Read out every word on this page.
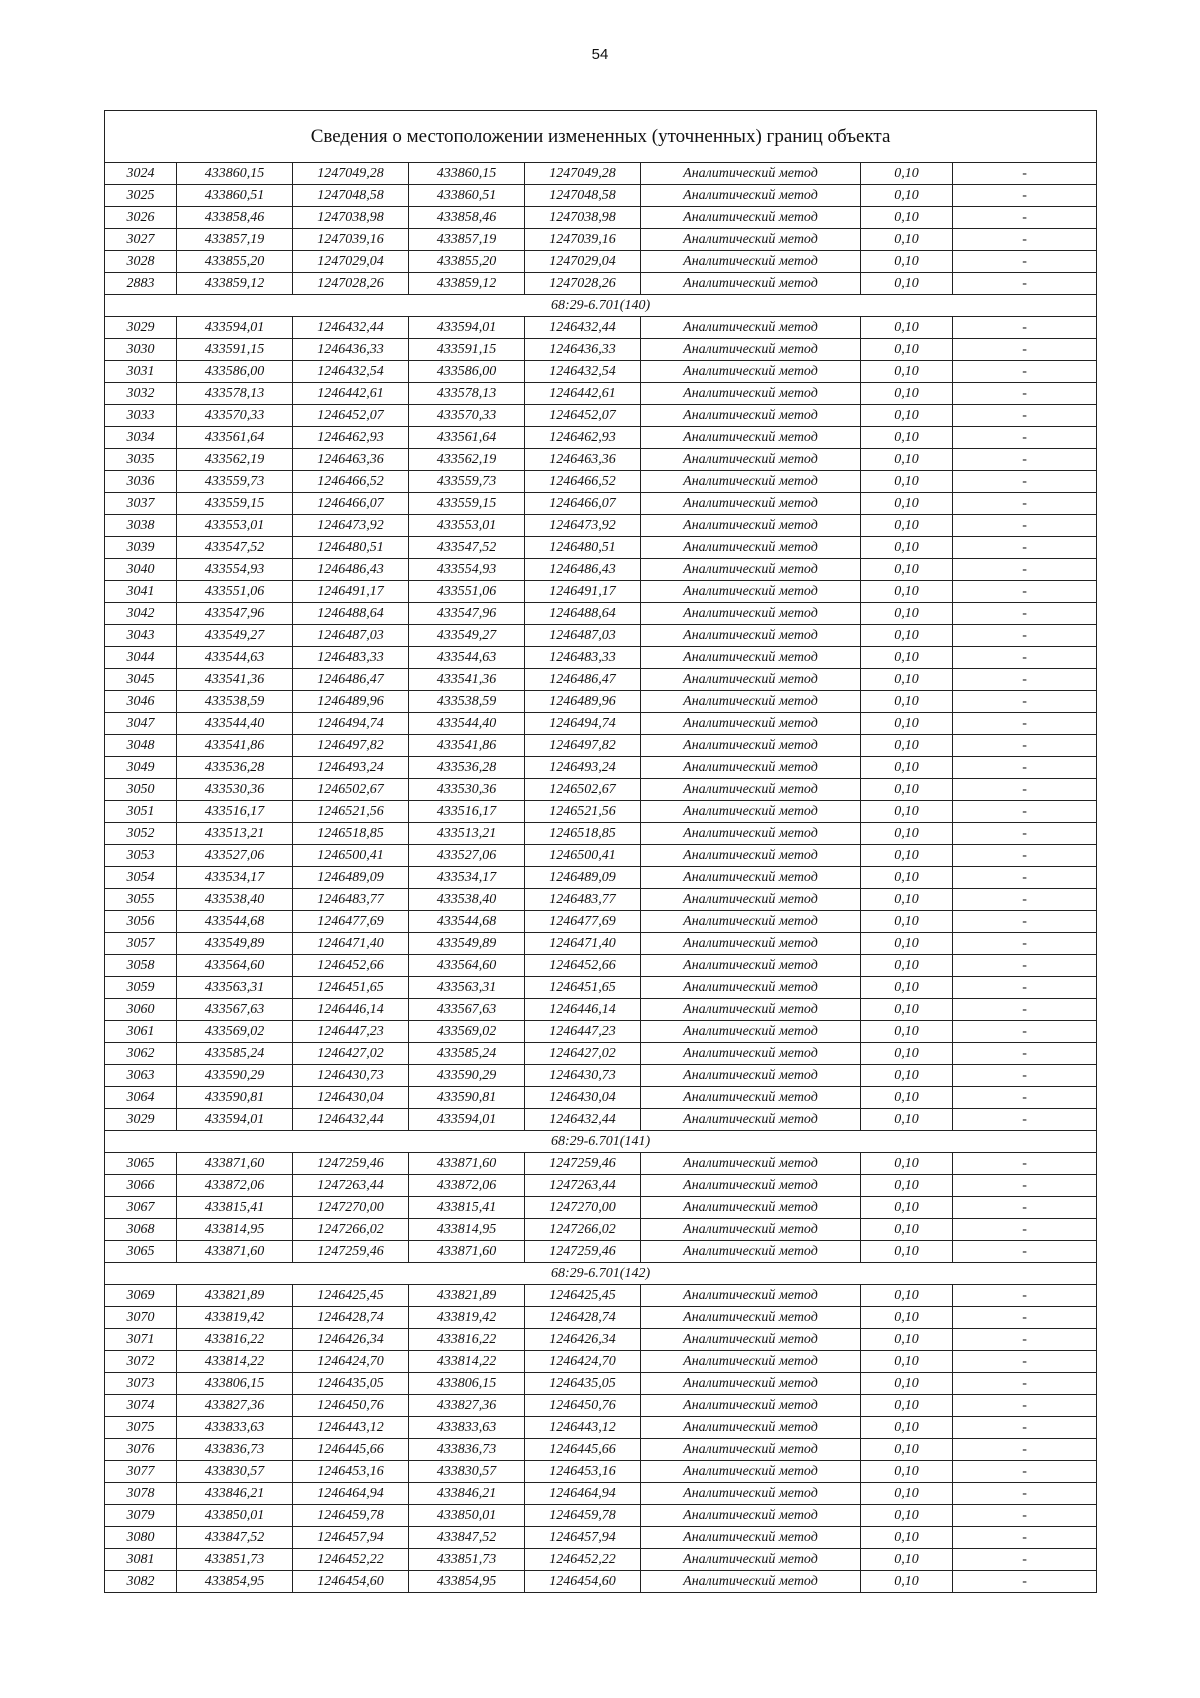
54
Сведения о местоположении измененных (уточненных) границ объекта							
3024	433860,15	1247049,28	433860,15	1247049,28	Аналитический метод	0,10	-
3025	433860,51	1247048,58	433860,51	1247048,58	Аналитический метод	0,10	-
3026	433858,46	1247038,98	433858,46	1247038,98	Аналитический метод	0,10	-
3027	433857,19	1247039,16	433857,19	1247039,16	Аналитический метод	0,10	-
3028	433855,20	1247029,04	433855,20	1247029,04	Аналитический метод	0,10	-
2883	433859,12	1247028,26	433859,12	1247028,26	Аналитический метод	0,10	-
68:29-6.701(140)							
3029	433594,01	1246432,44	433594,01	1246432,44	Аналитический метод	0,10	-
3030	433591,15	1246436,33	433591,15	1246436,33	Аналитический метод	0,10	-
3031	433586,00	1246432,54	433586,00	1246432,54	Аналитический метод	0,10	-
3032	433578,13	1246442,61	433578,13	1246442,61	Аналитический метод	0,10	-
3033	433570,33	1246452,07	433570,33	1246452,07	Аналитический метод	0,10	-
3034	433561,64	1246462,93	433561,64	1246462,93	Аналитический метод	0,10	-
3035	433562,19	1246463,36	433562,19	1246463,36	Аналитический метод	0,10	-
3036	433559,73	1246466,52	433559,73	1246466,52	Аналитический метод	0,10	-
3037	433559,15	1246466,07	433559,15	1246466,07	Аналитический метод	0,10	-
3038	433553,01	1246473,92	433553,01	1246473,92	Аналитический метод	0,10	-
3039	433547,52	1246480,51	433547,52	1246480,51	Аналитический метод	0,10	-
3040	433554,93	1246486,43	433554,93	1246486,43	Аналитический метод	0,10	-
3041	433551,06	1246491,17	433551,06	1246491,17	Аналитический метод	0,10	-
3042	433547,96	1246488,64	433547,96	1246488,64	Аналитический метод	0,10	-
3043	433549,27	1246487,03	433549,27	1246487,03	Аналитический метод	0,10	-
3044	433544,63	1246483,33	433544,63	1246483,33	Аналитический метод	0,10	-
3045	433541,36	1246486,47	433541,36	1246486,47	Аналитический метод	0,10	-
3046	433538,59	1246489,96	433538,59	1246489,96	Аналитический метод	0,10	-
3047	433544,40	1246494,74	433544,40	1246494,74	Аналитический метод	0,10	-
3048	433541,86	1246497,82	433541,86	1246497,82	Аналитический метод	0,10	-
3049	433536,28	1246493,24	433536,28	1246493,24	Аналитический метод	0,10	-
3050	433530,36	1246502,67	433530,36	1246502,67	Аналитический метод	0,10	-
3051	433516,17	1246521,56	433516,17	1246521,56	Аналитический метод	0,10	-
3052	433513,21	1246518,85	433513,21	1246518,85	Аналитический метод	0,10	-
3053	433527,06	1246500,41	433527,06	1246500,41	Аналитический метод	0,10	-
3054	433534,17	1246489,09	433534,17	1246489,09	Аналитический метод	0,10	-
3055	433538,40	1246483,77	433538,40	1246483,77	Аналитический метод	0,10	-
3056	433544,68	1246477,69	433544,68	1246477,69	Аналитический метод	0,10	-
3057	433549,89	1246471,40	433549,89	1246471,40	Аналитический метод	0,10	-
3058	433564,60	1246452,66	433564,60	1246452,66	Аналитический метод	0,10	-
3059	433563,31	1246451,65	433563,31	1246451,65	Аналитический метод	0,10	-
3060	433567,63	1246446,14	433567,63	1246446,14	Аналитический метод	0,10	-
3061	433569,02	1246447,23	433569,02	1246447,23	Аналитический метод	0,10	-
3062	433585,24	1246427,02	433585,24	1246427,02	Аналитический метод	0,10	-
3063	433590,29	1246430,73	433590,29	1246430,73	Аналитический метод	0,10	-
3064	433590,81	1246430,04	433590,81	1246430,04	Аналитический метод	0,10	-
3029	433594,01	1246432,44	433594,01	1246432,44	Аналитический метод	0,10	-
68:29-6.701(141)							
3065	433871,60	1247259,46	433871,60	1247259,46	Аналитический метод	0,10	-
3066	433872,06	1247263,44	433872,06	1247263,44	Аналитический метод	0,10	-
3067	433815,41	1247270,00	433815,41	1247270,00	Аналитический метод	0,10	-
3068	433814,95	1247266,02	433814,95	1247266,02	Аналитический метод	0,10	-
3065	433871,60	1247259,46	433871,60	1247259,46	Аналитический метод	0,10	-
68:29-6.701(142)							
3069	433821,89	1246425,45	433821,89	1246425,45	Аналитический метод	0,10	-
3070	433819,42	1246428,74	433819,42	1246428,74	Аналитический метод	0,10	-
3071	433816,22	1246426,34	433816,22	1246426,34	Аналитический метод	0,10	-
3072	433814,22	1246424,70	433814,22	1246424,70	Аналитический метод	0,10	-
3073	433806,15	1246435,05	433806,15	1246435,05	Аналитический метод	0,10	-
3074	433827,36	1246450,76	433827,36	1246450,76	Аналитический метод	0,10	-
3075	433833,63	1246443,12	433833,63	1246443,12	Аналитический метод	0,10	-
3076	433836,73	1246445,66	433836,73	1246445,66	Аналитический метод	0,10	-
3077	433830,57	1246453,16	433830,57	1246453,16	Аналитический метод	0,10	-
3078	433846,21	1246464,94	433846,21	1246464,94	Аналитический метод	0,10	-
3079	433850,01	1246459,78	433850,01	1246459,78	Аналитический метод	0,10	-
3080	433847,52	1246457,94	433847,52	1246457,94	Аналитический метод	0,10	-
3081	433851,73	1246452,22	433851,73	1246452,22	Аналитический метод	0,10	-
3082	433854,95	1246454,60	433854,95	1246454,60	Аналитический метод	0,10	-
